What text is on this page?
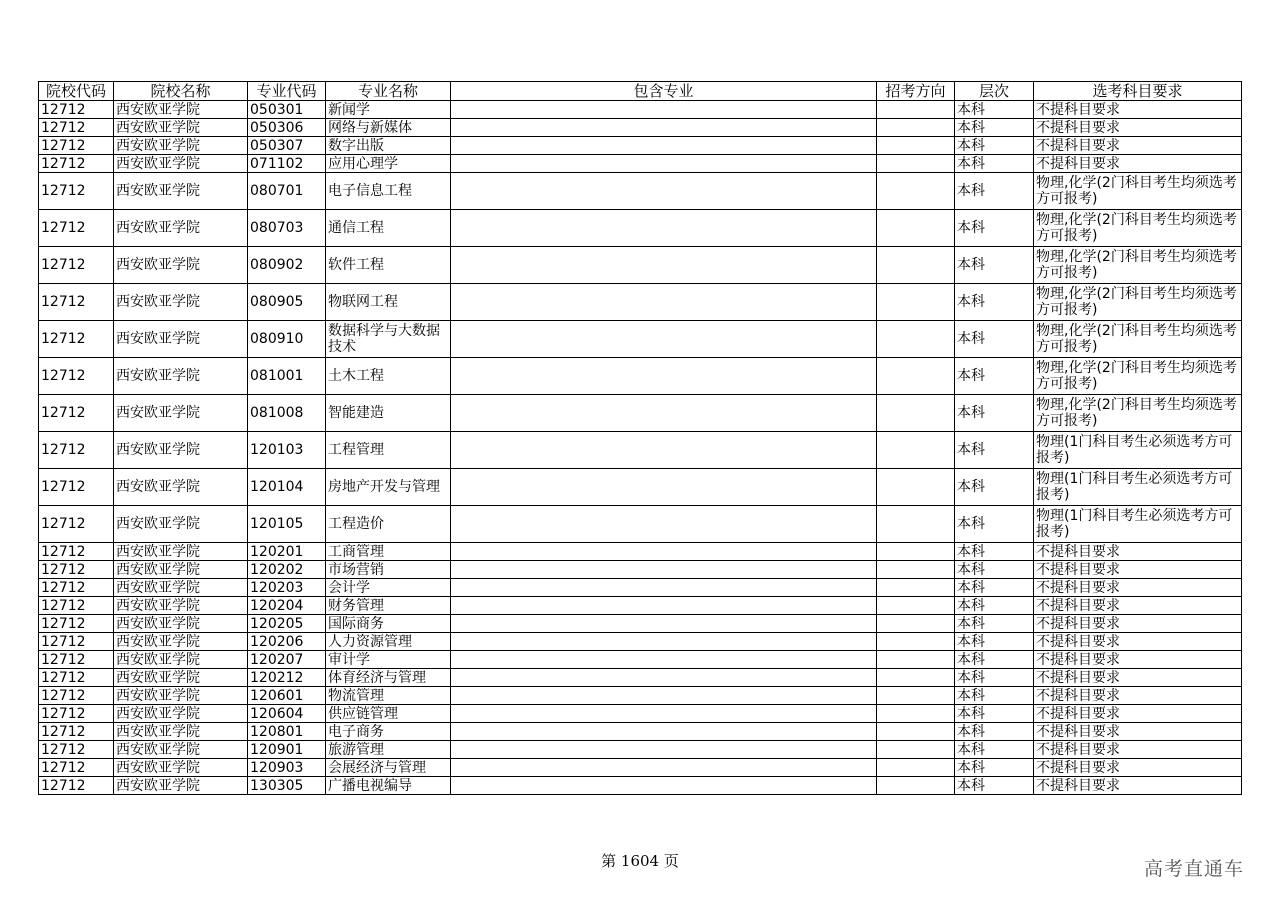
院校代码	院校名称	专业代码	专业名称	包含专业	招考方向	层次	选考科目要求
12712	西安欧亚学院	050301	新闻学			本科	不提科目要求
12712	西安欧亚学院	050306	网络与新媒体			本科	不提科目要求
12712	西安欧亚学院	050307	数字出版			本科	不提科目要求
12712	西安欧亚学院	071102	应用心理学			本科	不提科目要求
12712	西安欧亚学院	080701	电子信息工程			本科	物理,化学(2门科目考生均须选考方可报考)
12712	西安欧亚学院	080703	通信工程			本科	物理,化学(2门科目考生均须选考方可报考)
12712	西安欧亚学院	080902	软件工程			本科	物理,化学(2门科目考生均须选考方可报考)
12712	西安欧亚学院	080905	物联网工程			本科	物理,化学(2门科目考生均须选考方可报考)
12712	西安欧亚学院	080910	数据科学与大数据技术			本科	物理,化学(2门科目考生均须选考方可报考)
12712	西安欧亚学院	081001	土木工程			本科	物理,化学(2门科目考生均须选考方可报考)
12712	西安欧亚学院	081008	智能建造			本科	物理,化学(2门科目考生均须选考方可报考)
12712	西安欧亚学院	120103	工程管理			本科	物理(1门科目考生必须选考方可报考)
12712	西安欧亚学院	120104	房地产开发与管理			本科	物理(1门科目考生必须选考方可报考)
12712	西安欧亚学院	120105	工程造价			本科	物理(1门科目考生必须选考方可报考)
12712	西安欧亚学院	120201	工商管理			本科	不提科目要求
12712	西安欧亚学院	120202	市场营销			本科	不提科目要求
12712	西安欧亚学院	120203	会计学			本科	不提科目要求
12712	西安欧亚学院	120204	财务管理			本科	不提科目要求
12712	西安欧亚学院	120205	国际商务			本科	不提科目要求
12712	西安欧亚学院	120206	人力资源管理			本科	不提科目要求
12712	西安欧亚学院	120207	审计学			本科	不提科目要求
12712	西安欧亚学院	120212	体育经济与管理			本科	不提科目要求
12712	西安欧亚学院	120601	物流管理			本科	不提科目要求
12712	西安欧亚学院	120604	供应链管理			本科	不提科目要求
12712	西安欧亚学院	120801	电子商务			本科	不提科目要求
12712	西安欧亚学院	120901	旅游管理			本科	不提科目要求
12712	西安欧亚学院	120903	会展经济与管理			本科	不提科目要求
12712	西安欧亚学院	130305	广播电视编导			本科	不提科目要求
第 1604 页	高考直通车
